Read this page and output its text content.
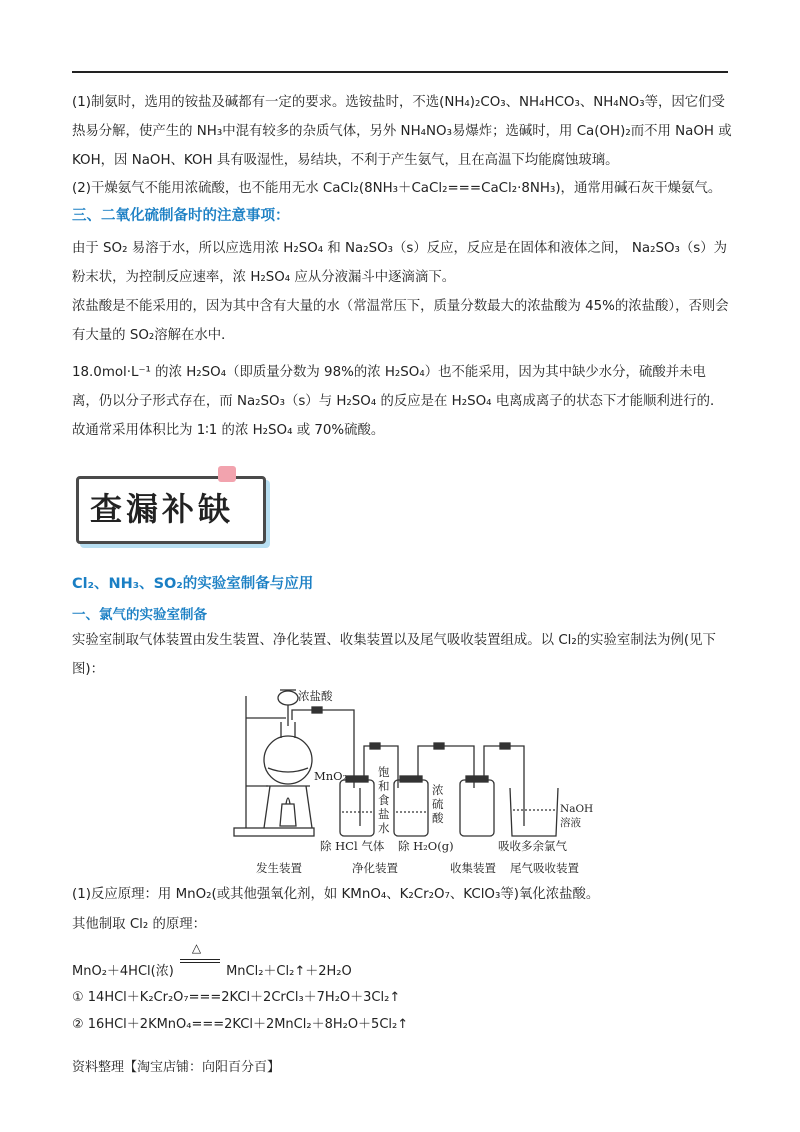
(1)制氨时，选用的铵盐及碱都有一定的要求。选铵盐时，不选(NH₄)₂CO₃、NH₄HCO₃、NH₄NO₃等，因它们受热易分解，使产生的 NH₃中混有较多的杂质气体，另外 NH₄NO₃易爆炸；选碱时，用 Ca(OH)₂而不用 NaOH 或 KOH，因 NaOH、KOH 具有吸湿性，易结块，不利于产生氨气，且在高温下均能腐蚀玻璃。

(2)干燥氨气不能用浓硫酸，也不能用无水 CaCl₂(8NH₃＋CaCl₂===CaCl₂·8NH₃)，通常用碱石灰干燥氨气。

三、二氧化硫制备时的注意事项：

由于 SO₂ 易溶于水，所以应选用浓 H₂SO₄ 和 Na₂SO₃（s）反应，反应是在固体和液体之间， Na₂SO₃（s）为粉末状，为控制反应速率，浓 H₂SO₄ 应从分液漏斗中逐滴滴下。

浓盐酸是不能采用的，因为其中含有大量的水（常温常压下，质量分数最大的浓盐酸为 45%的浓盐酸），否则会有大量的 SO₂溶解在水中．

18.0mol·L⁻¹ 的浓 H₂SO₄（即质量分数为 98%的浓 H₂SO₄）也不能采用，因为其中缺少水分，硫酸并未电离，仍以分子形式存在，而 Na₂SO₃（s）与 H₂SO₄ 的反应是在 H₂SO₄ 电离成离子的状态下才能顺利进行的．故通常采用体积比为 1∶1 的浓 H₂SO₄ 或 70%硫酸。

查漏补缺
Cl₂、NH₃、SO₂的实验室制备与应用
一、氯气的实验室制备

实验室制取气体装置由发生装置、净化装置、收集装置以及尾气吸收装置组成。以 Cl₂的实验室制法为例(见下图)：

浓盐酸
MnO₂	饱
和
食
盐
水
浓
硫
酸
NaOH
溶液
吸收多余氯气
除 HCl 气体 除 H₂O(g)
发生装置	净化装置	收集装置 尾气吸收装置

(1)反应原理：用 MnO₂(或其他强氧化剂，如 KMnO₄、K₂Cr₂O₇、KClO₃等)氧化浓盐酸。

其他制取 Cl₂ 的原理：

MnO₂＋4HCl(浓)
△
MnCl₂＋Cl₂↑＋2H₂O
① 14HCl＋K₂Cr₂O₇===2KCl＋2CrCl₃＋7H₂O＋3Cl₂↑
② 16HCl＋2KMnO₄===2KCl＋2MnCl₂＋8H₂O＋5Cl₂↑
资料整理【淘宝店铺：向阳百分百】
